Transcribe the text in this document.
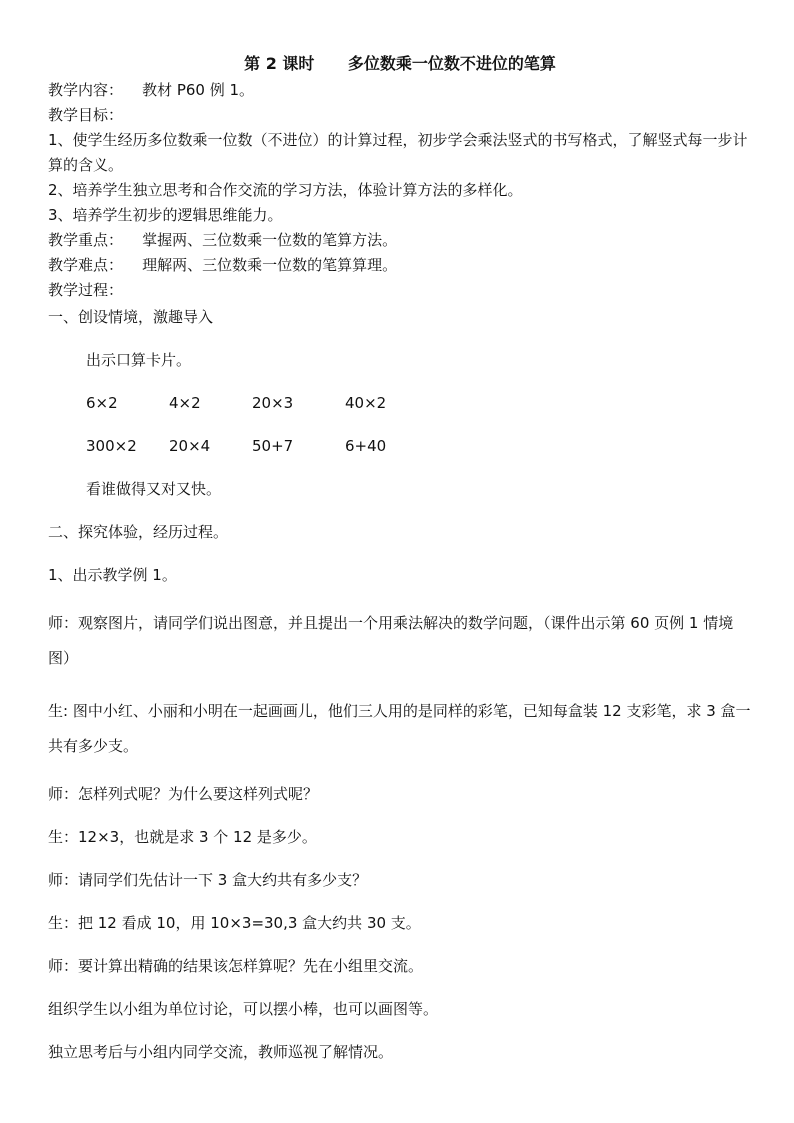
第 2 课时      多位数乘一位数不进位的笔算
教学内容：    教材 P60 例 1。
教学目标：
1、使学生经历多位数乘一位数（不进位）的计算过程，初步学会乘法竖式的书写格式，了解竖式每一步计算的含义。
2、培养学生独立思考和合作交流的学习方法，体验计算方法的多样化。
3、培养学生初步的逻辑思维能力。
教学重点：    掌握两、三位数乘一位数的笔算方法。
教学难点：    理解两、三位数乘一位数的笔算算理。
教学过程：
一、创设情境，激趣导入
出示口算卡片。
6×2	4×2	20×3	40×2
300×2	20×4	50+7	6+40
看谁做得又对又快。
二、探究体验，经历过程。
1、出示教学例 1。
师：观察图片，请同学们说出图意，并且提出一个用乘法解决的数学问题，（课件出示第 60 页例 1 情境图）
生: 图中小红、小丽和小明在一起画画儿，他们三人用的是同样的彩笔，已知每盒装 12 支彩笔，求 3 盒一共有多少支。
师：怎样列式呢？为什么要这样列式呢？
生：12×3，也就是求 3 个 12 是多少。
师：请同学们先估计一下 3 盒大约共有多少支？
生：把 12 看成 10，用 10×3=30,3 盒大约共 30 支。
师：要计算出精确的结果该怎样算呢？先在小组里交流。
组织学生以小组为单位讨论，可以摆小棒，也可以画图等。
独立思考后与小组内同学交流，教师巡视了解情况。
